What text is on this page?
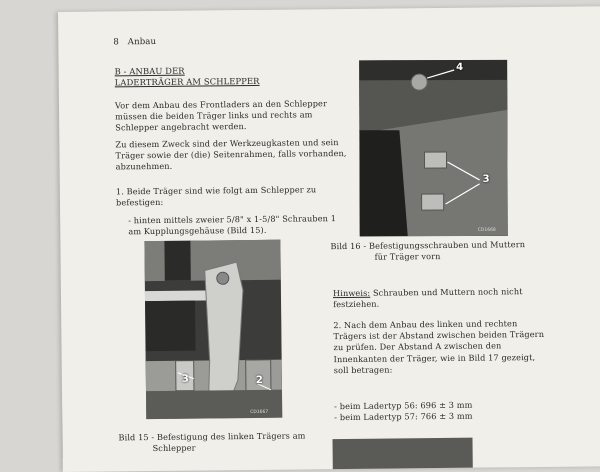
8 Anbau
B - ANBAU DER
LADERTRÄGER AM SCHLEPPER
Vor dem Anbau des Frontladers an den Schlepper müssen die beiden Träger links und rechts am Schlepper angebracht werden.
Zu diesem Zweck sind der Werkzeugkasten und sein Träger sowie der (die) Seitenrahmen, falls vorhanden, abzunehmen.
1. Beide Träger sind wie folgt am Schlepper zu befestigen:
- hinten mittels zweier 5/8" x 1-5/8" Schrauben 1 am Kupplungsgehäuse (Bild 15).
3	2
CD1667
Bild 15 - Befestigung des linken Trägers am
Schlepper
4
3
CD1668
Bild 16 - Befestigungsschrauben und Muttern
für Träger vorn
Hinweis: Schrauben und Muttern noch nicht festziehen.
2. Nach dem Anbau des linken und rechten Trägers ist der Abstand zwischen beiden Trägern zu prüfen. Der Abstand A zwischen den Innenkanten der Träger, wie in Bild 17 gezeigt, soll betragen:
- beim Ladertyp 56: 696 ± 3 mm
- beim Ladertyp 57: 766 ± 3 mm
